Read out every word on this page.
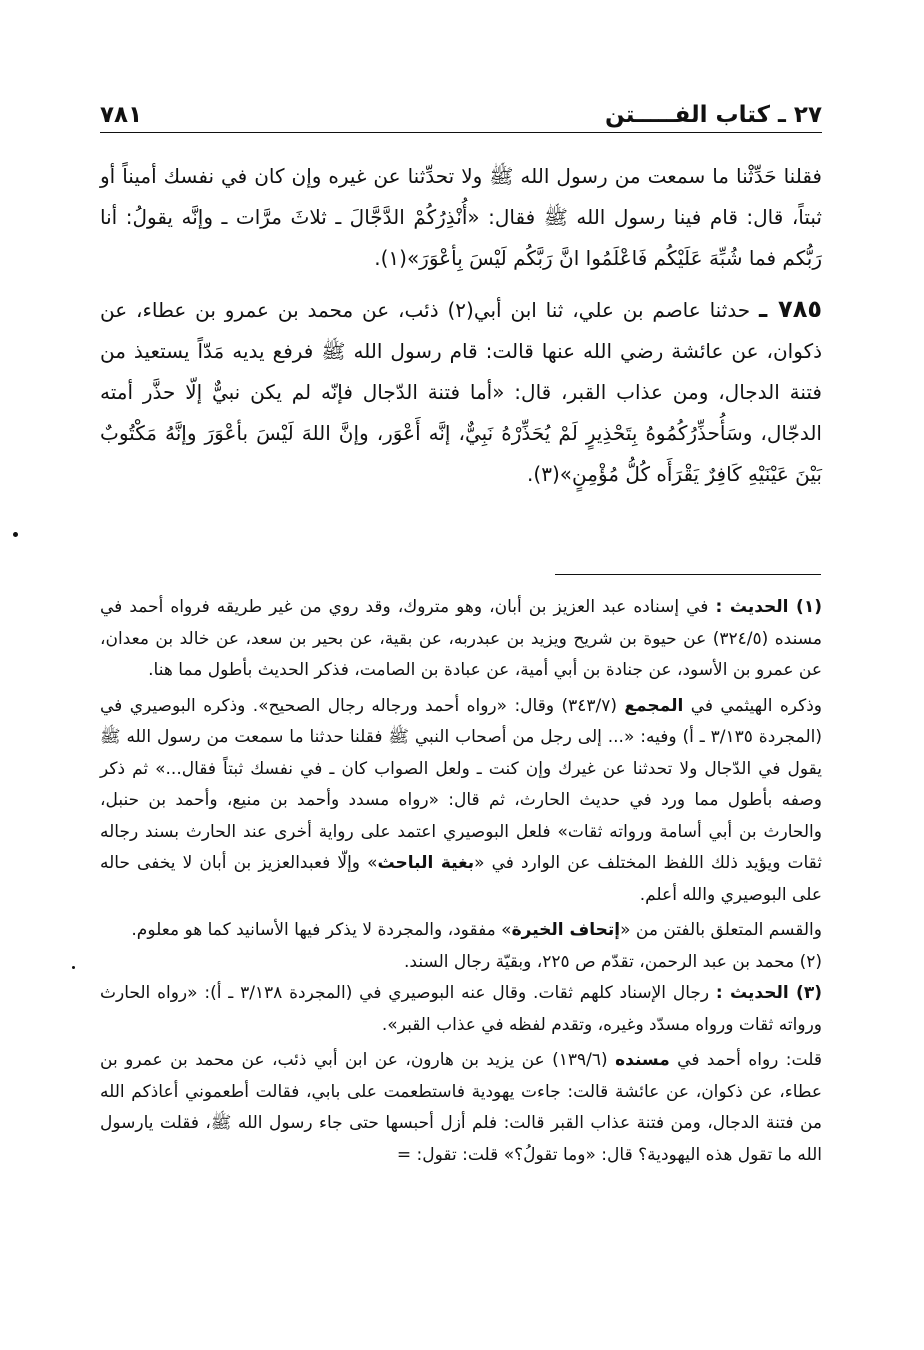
٧٨١	٢٧ ـ كتاب الفـــــتن

فقلنا حَدِّثْنا ما سمعت من رسول الله ﷺ ولا تحدِّثنا عن غيره وإن كان في نفسك أميناً أو ثبتاً، قال: قام فينا رسول الله ﷺ فقال: «أُنْذِرُكُمْ الدَّجَّالَ ـ ثلاثَ مرَّات ـ وإنَّه يقولُ: أنا رَبُّكم فما شُبِّهَ عَلَيْكُم فَاعْلَمُوا انَّ رَبَّكُم لَيْسَ بِأعْوَرَ»(١).

٧٨٥ ـ حدثنا عاصم بن علي، ثنا ابن أبي(٢) ذئب، عن محمد بن عمرو بن عطاء، عن ذكوان، عن عائشة رضي الله عنها قالت: قام رسول الله ﷺ فرفع يديه مَدّاً يستعيذ من فتنة الدجال، ومن عذاب القبر، قال: «أما فتنة الدّجال فإنّه لم يكن نبيٌّ إلّا حذَّر أمته الدجّال، وسَأُحذِّرُكُمُوهُ بِتَحْذِيرٍ لَمْ يُحَذِّرْهُ نَبِيٌّ، إنَّه أَعْوَر، وإنَّ اللهَ لَيْسَ بأعْوَرَ وإنَّهُ مَكْتُوبٌ بَيْنَ عَيْنَيْهِ كَافِرٌ يَقْرَأَه كُلُّ مُؤْمِنٍ»(٣).

(١) الحديث : في إسناده عبد العزيز بن أبان، وهو متروك، وقد روي من غير طريقه فرواه أحمد في مسنده (٣٢٤/٥) عن حيوة بن شريح ويزيد بن عبدربه، عن بقية، عن بحير بن سعد، عن خالد بن معدان، عن عمرو بن الأسود، عن جنادة بن أبي أمية، عن عبادة بن الصامت، فذكر الحديث بأطول مما هنا.

وذكره الهيثمي في المجمع (٣٤٣/٧) وقال: «رواه أحمد ورجاله رجال الصحيح». وذكره البوصيري في (المجردة ٣/١٣٥ ـ أ) وفيه: «... إلى رجل من أصحاب النبي ﷺ فقلنا حدثنا ما سمعت من رسول الله ﷺ يقول في الدّجال ولا تحدثنا عن غيرك وإن كنت ـ ولعل الصواب كان ـ في نفسك ثبتاً فقال...» ثم ذكر وصفه بأطول مما ورد في حديث الحارث، ثم قال: «رواه مسدد وأحمد بن منيع، وأحمد بن حنبل، والحارث بن أبي أسامة ورواته ثقات» فلعل البوصيري اعتمد على رواية أخرى عند الحارث بسند رجاله ثقات ويؤيد ذلك اللفظ المختلف عن الوارد في «بغية الباحث» وإلّا فعبدالعزيز بن أبان لا يخفى حاله على البوصيري والله أعلم.

والقسم المتعلق بالفتن من «إتحاف الخيرة» مفقود، والمجردة لا يذكر فيها الأسانيد كما هو معلوم.

(٢) محمد بن عبد الرحمن، تقدّم ص ٢٢٥، وبقيّة رجال السند.

(٣) الحديث : رجال الإسناد كلهم ثقات. وقال عنه البوصيري في (المجردة ٣/١٣٨ ـ أ): «رواه الحارث ورواته ثقات ورواه مسدّد وغيره، وتقدم لفظه في عذاب القبر».

قلت: رواه أحمد في مسنده (١٣٩/٦) عن يزيد بن هارون، عن ابن أبي ذئب، عن محمد بن عمرو بن عطاء، عن ذكوان، عن عائشة قالت: جاءت يهودية فاستطعمت على بابي، فقالت أطعموني أعاذكم الله من فتنة الدجال، ومن فتنة عذاب القبر قالت: فلم أزل أحبسها حتى جاء رسول الله ﷺ، فقلت يارسول الله ما تقول هذه اليهودية؟ قال: «وما تقولُ؟» قلت: تقول: =
